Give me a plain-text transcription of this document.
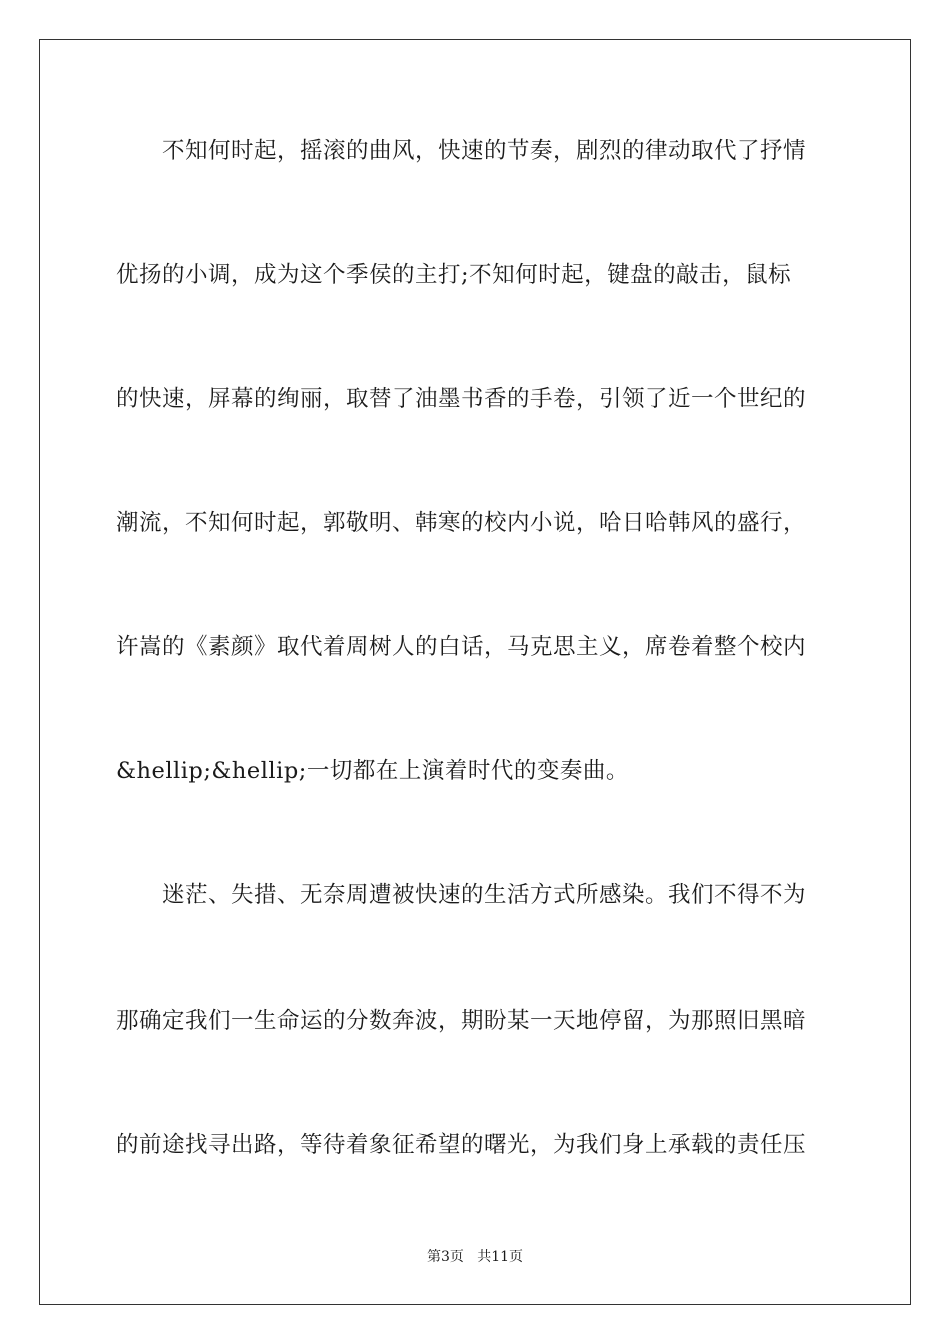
不知何时起，摇滚的曲风，快速的节奏，剧烈的律动取代了抒情
优扬的小调，成为这个季侯的主打;不知何时起，键盘的敲击，鼠标
的快速，屏幕的绚丽，取替了油墨书香的手卷，引领了近一个世纪的
潮流，不知何时起，郭敬明、韩寒的校内小说，哈日哈韩风的盛行，
许嵩的《素颜》取代着周树人的白话，马克思主义，席卷着整个校内
&hellip;&hellip;一切都在上演着时代的变奏曲。
迷茫、失措、无奈周遭被快速的生活方式所感染。我们不得不为
那确定我们一生命运的分数奔波，期盼某一天地停留，为那照旧黑暗
的前途找寻出路，等待着象征希望的曙光，为我们身上承载的责任压
第3页   共11页
